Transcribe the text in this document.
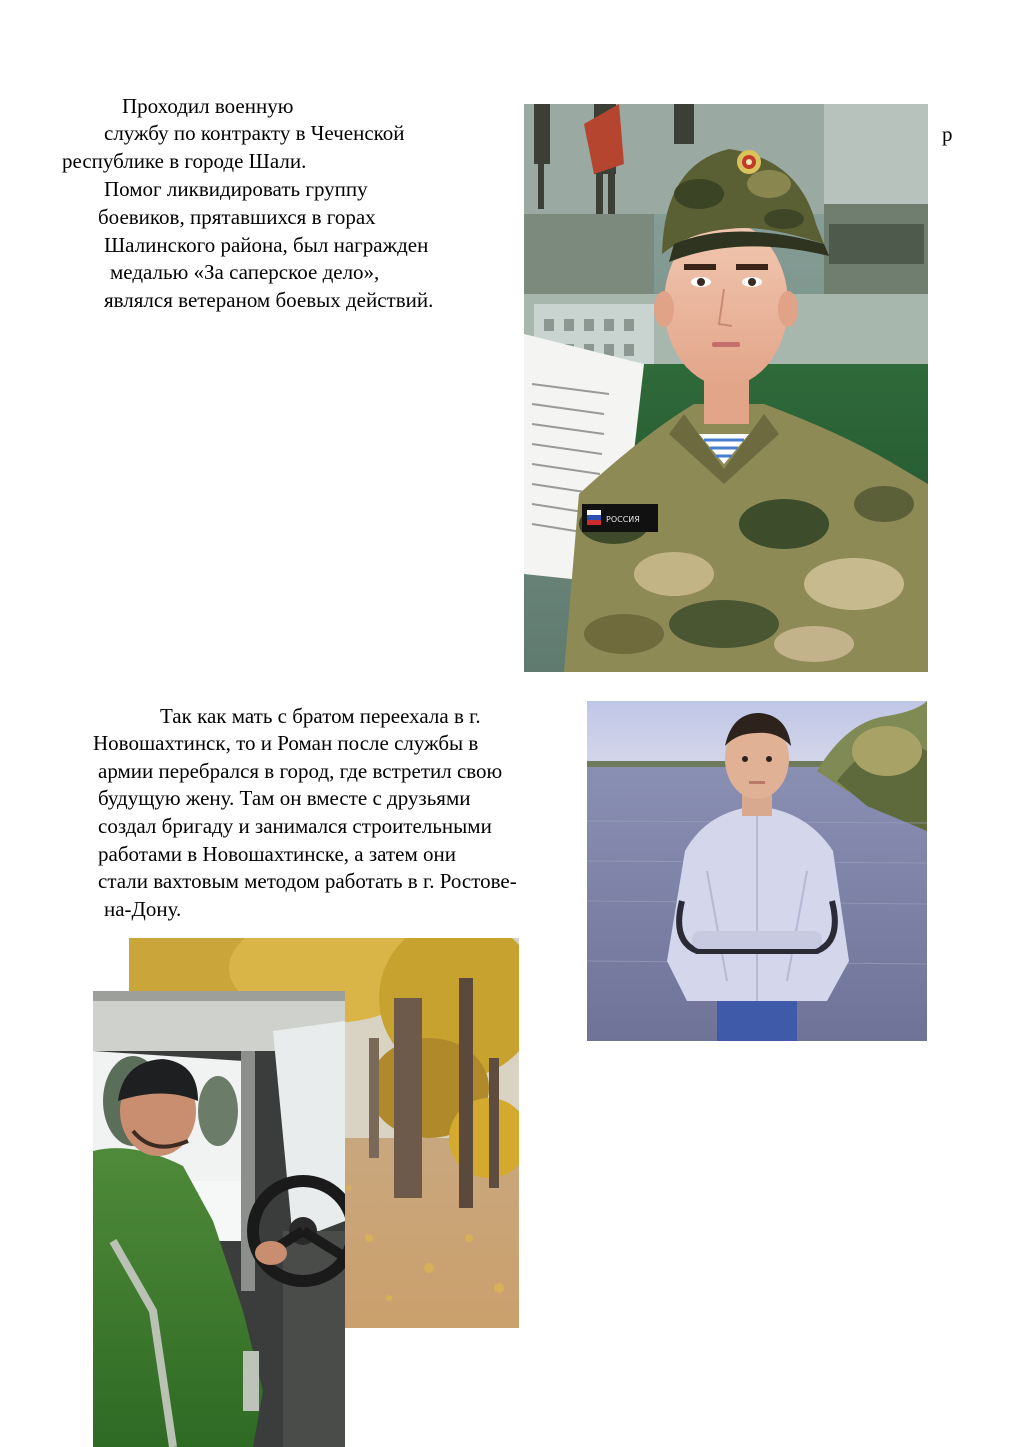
Проходил военную
службу по контракту в Чеченской	р
республике в городе Шали.
Помог ликвидировать группу
боевиков, прятавшихся в горах
Шалинского района, был награжден
медалью «За саперское дело»,
являлся ветераном боевых действий.
РОССИЯ
Так как мать с братом переехала в г.
Новошахтинск, то и Роман после службы в
армии перебрался в город, где встретил свою
будущую жену. Там он вместе с друзьями
создал бригаду и занимался строительными
работами в Новошахтинске, а затем они
стали вахтовым методом работать в г. Ростове-
на-Дону.
